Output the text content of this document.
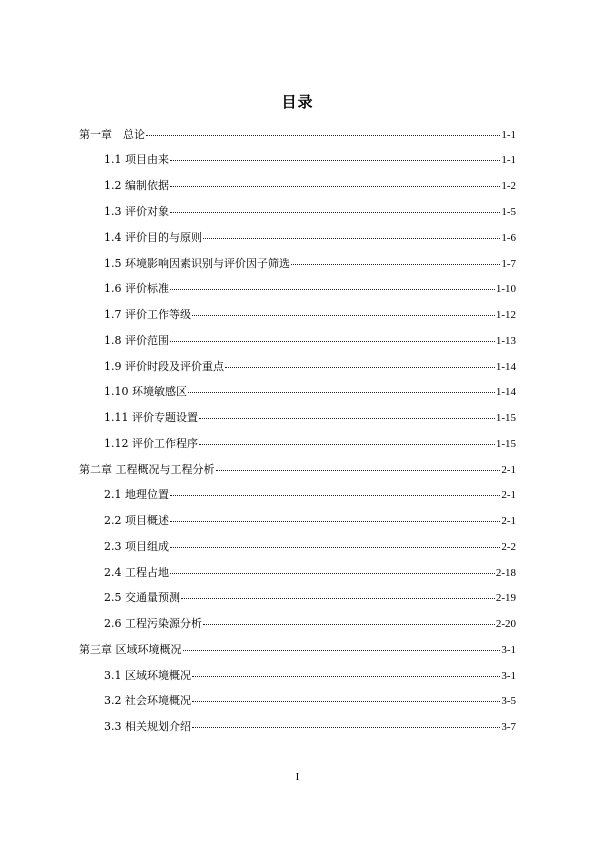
目录
第一章　总论	1-1
1.1 项目由来	1-1
1.2 编制依据	1-2
1.3 评价对象	1-5
1.4 评价目的与原则	1-6
1.5 环境影响因素识别与评价因子筛选	1-7
1.6 评价标准	1-10
1.7 评价工作等级	1-12
1.8 评价范围	1-13
1.9 评价时段及评价重点	1-14
1.10 环境敏感区	1-14
1.11 评价专题设置	1-15
1.12 评价工作程序	1-15
第二章 工程概况与工程分析	2-1
2.1 地理位置	2-1
2.2 项目概述	2-1
2.3 项目组成	2-2
2.4 工程占地	2-18
2.5 交通量预测	2-19
2.6 工程污染源分析	2-20
第三章 区域环境概况	3-1
3.1 区域环境概况	3-1
3.2 社会环境概况	3-5
3.3 相关规划介绍	3-7
I
